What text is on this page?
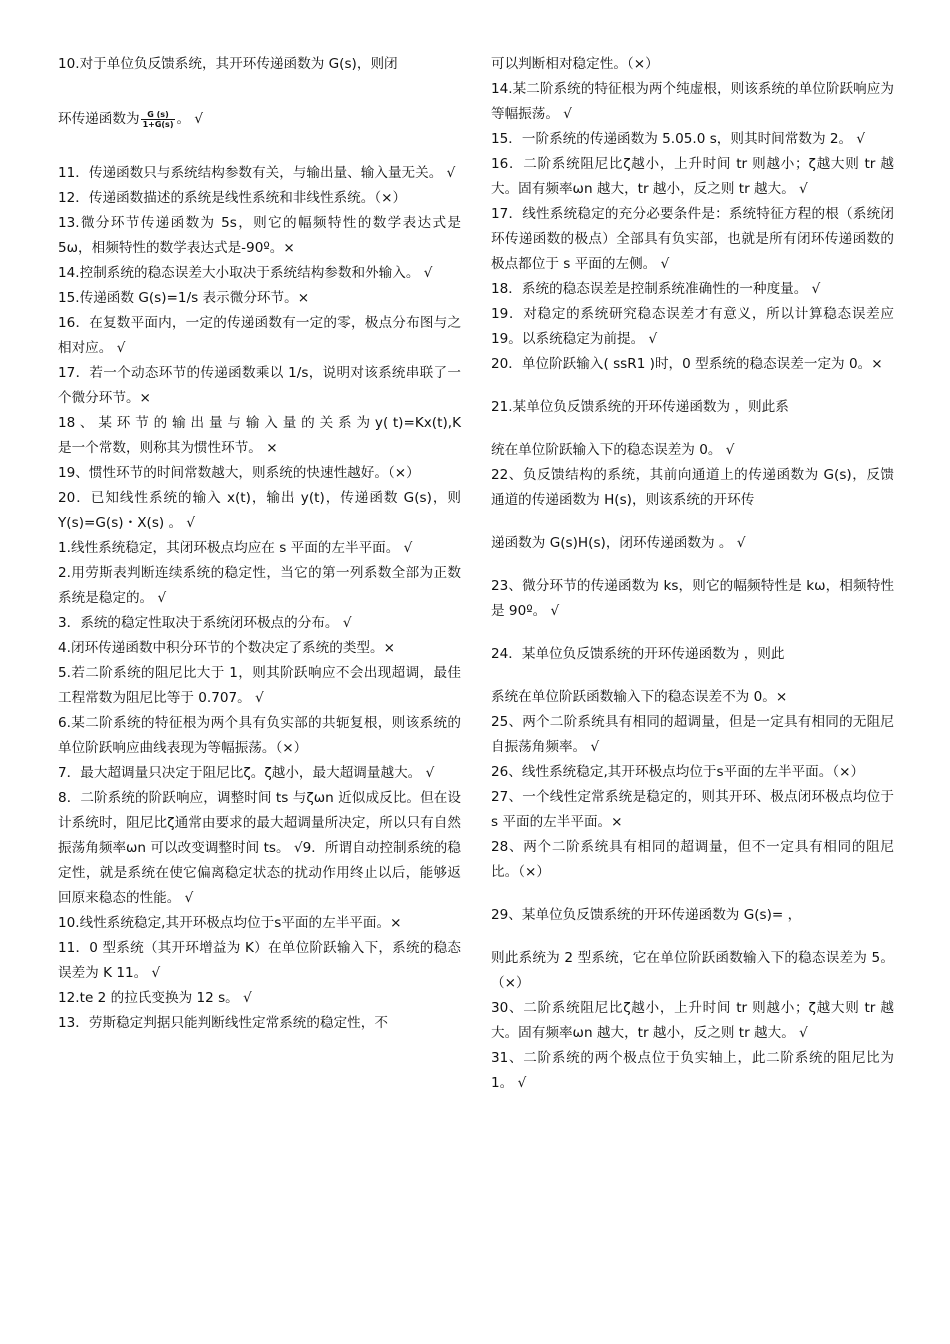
10.对于单位负反馈系统，其开环传递函数为 G(s)，则闭

环传递函数为 $\frac{G (s)}{1+G(s)}$ 。 √

11．传递函数只与系统结构参数有关，与输出量、输入量无关。 √

12．传递函数描述的系统是线性系统和非线性系统。（×）

13.微分环节传递函数为 5s，则它的幅频特性的数学表达式是 5ω，相频特性的数学表达式是-90º。×

14.控制系统的稳态误差大小取决于系统结构参数和外输入。 √

15.传递函数 G(s)=1/s 表示微分环节。×

16．在复数平面内，一定的传递函数有一定的零，极点分布图与之相对应。 √

17．若一个动态环节的传递函数乘以 1/s，说明对该系统串联了一个微分环节。×

18 、 某 环 节 的 输 出 量 与 输 入 量 的 关 系 为 y( t)=Kx(t),K 是一个常数，则称其为惯性环节。 ×

19、惯性环节的时间常数越大，则系统的快速性越好。（×）

20．已知线性系统的输入 x(t)，输出 y(t)，传递函数 G(s)，则Y(s)=G(s)・X(s) 。 √

1.线性系统稳定，其闭环极点均应在 s 平面的左半平面。 √

2.用劳斯表判断连续系统的稳定性，当它的第一列系数全部为正数系统是稳定的。 √

3．系统的稳定性取决于系统闭环极点的分布。 √

4.闭环传递函数中积分环节的个数决定了系统的类型。×

5.若二阶系统的阻尼比大于 1，则其阶跃响应不会出现超调，最佳工程常数为阻尼比等于 0.707。 √

6.某二阶系统的特征根为两个具有负实部的共轭复根，则该系统的单位阶跃响应曲线表现为等幅振荡。（×）

7．最大超调量只决定于阻尼比ζ。ζ越小，最大超调量越大。 √

8．二阶系统的阶跃响应，调整时间 ts 与ζωn 近似成反比。但在设计系统时，阻尼比ζ通常由要求的最大超调量所决定，所以只有自然振荡角频率ωn 可以改变调整时间 ts。 √9．所谓自动控制系统的稳定性，就是系统在使它偏离稳定状态的扰动作用终止以后，能够返回原来稳态的性能。 √

10.线性系统稳定,其开环极点均位于s平面的左半平面。×

11．0 型系统（其开环增益为 K）在单位阶跃输入下，系统的稳态误差为 K 11。 √

12.te 2 的拉氏变换为 12 s。 √

13．劳斯稳定判据只能判断线性定常系统的稳定性，不

可以判断相对稳定性。（×）

14.某二阶系统的特征根为两个纯虚根，则该系统的单位阶跃响应为等幅振荡。 √

15．一阶系统的传递函数为 5.05.0 s，则其时间常数为 2。 √

16．二阶系统阻尼比ζ越小，上升时间 tr 则越小；ζ越大则 tr 越大。固有频率ωn 越大，tr 越小，反之则 tr 越大。 √

17．线性系统稳定的充分必要条件是：系统特征方程的根（系统闭环传递函数的极点）全部具有负实部，也就是所有闭环传递函数的极点都位于 s 平面的左侧。 √

18．系统的稳态误差是控制系统准确性的一种度量。 √

19．对稳定的系统研究稳态误差才有意义，所以计算稳态误差应 19。以系统稳定为前提。 √

20．单位阶跃输入( ssR1 )时，0 型系统的稳态误差一定为 0。×

21.某单位负反馈系统的开环传递函数为 ，则此系

统在单位阶跃输入下的稳态误差为 0。 √

22、负反馈结构的系统，其前向通道上的传递函数为 G(s)，反馈通道的传递函数为 H(s)，则该系统的开环传

递函数为 G(s)H(s)，闭环传递函数为 。 √

23、微分环节的传递函数为 ks，则它的幅频特性是 kω，相频特性是 90º。 √

24．某单位负反馈系统的开环传递函数为 ，则此

系统在单位阶跃函数输入下的稳态误差不为 0。×

25、两个二阶系统具有相同的超调量，但是一定具有相同的无阻尼自振荡角频率。 √

26、线性系统稳定,其开环极点均位于s平面的左半平面。（×）

27、一个线性定常系统是稳定的，则其开环、极点闭环极点均位于 s 平面的左半平面。×

28、两个二阶系统具有相同的超调量，但不一定具有相同的阻尼比。（×）

29、某单位负反馈系统的开环传递函数为 G(s)= ，

则此系统为 2 型系统，它在单位阶跃函数输入下的稳态误差为 5。（×）

30、二阶系统阻尼比ζ越小，上升时间 tr 则越小；ζ越大则 tr 越大。固有频率ωn 越大，tr 越小，反之则 tr 越大。 √

31、二阶系统的两个极点位于负实轴上，此二阶系统的阻尼比为 1。 √
